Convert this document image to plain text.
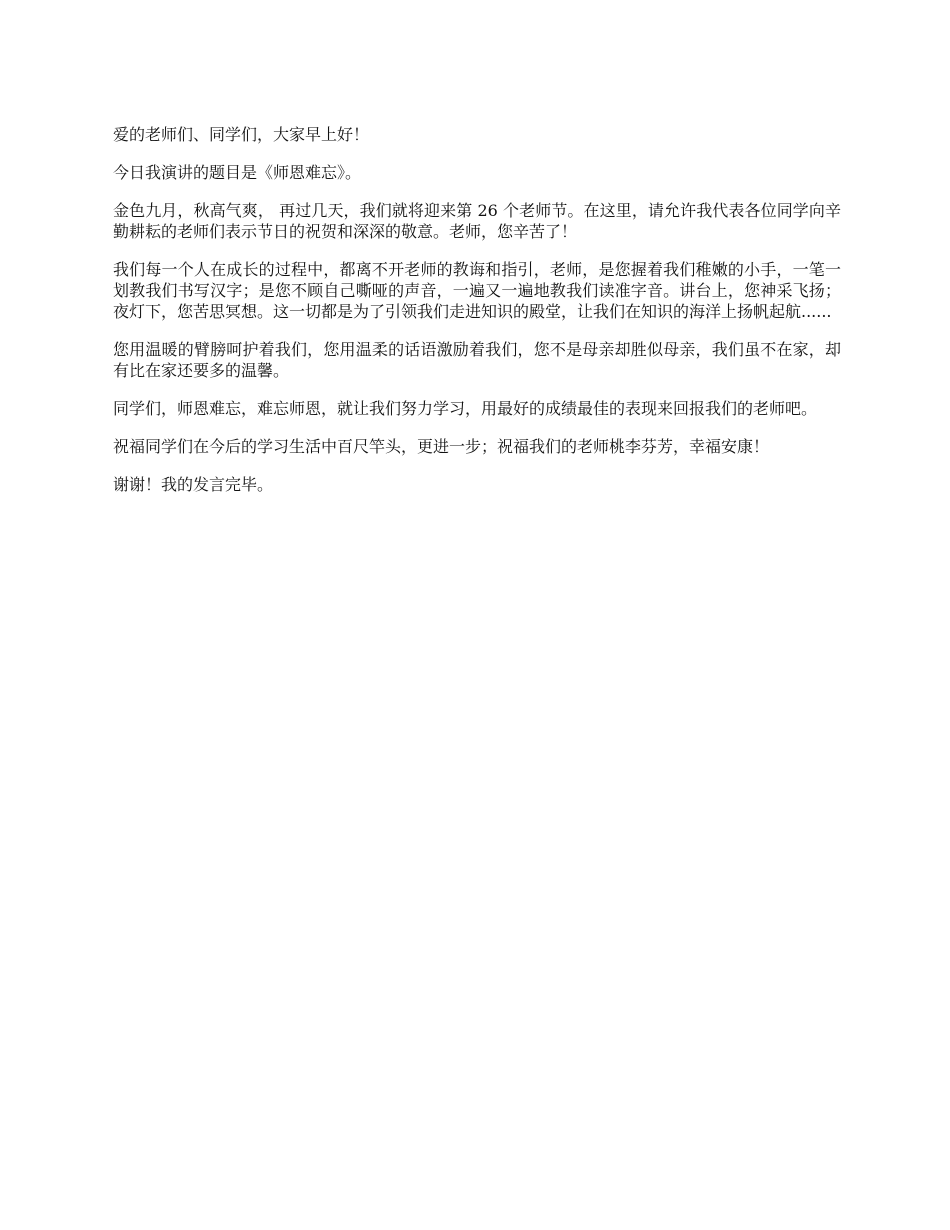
爱的老师们、同学们，大家早上好！

今日我演讲的题目是《师恩难忘》。

金色九月，秋高气爽， 再过几天，我们就将迎来第 26 个老师节。在这里，请允许我代表各位同学向辛勤耕耘的老师们表示节日的祝贺和深深的敬意。老师，您辛苦了！

我们每一个人在成长的过程中，都离不开老师的教诲和指引，老师，是您握着我们稚嫩的小手，一笔一划教我们书写汉字；是您不顾自己嘶哑的声音，一遍又一遍地教我们读准字音。讲台上，您神采飞扬；夜灯下，您苦思冥想。这一切都是为了引领我们走进知识的殿堂，让我们在知识的海洋上扬帆起航......

您用温暖的臂膀呵护着我们，您用温柔的话语激励着我们，您不是母亲却胜似母亲，我们虽不在家，却有比在家还要多的温馨。

同学们，师恩难忘，难忘师恩，就让我们努力学习，用最好的成绩最佳的表现来回报我们的老师吧。

祝福同学们在今后的学习生活中百尺竿头，更进一步；祝福我们的老师桃李芬芳，幸福安康！

谢谢！我的发言完毕。
